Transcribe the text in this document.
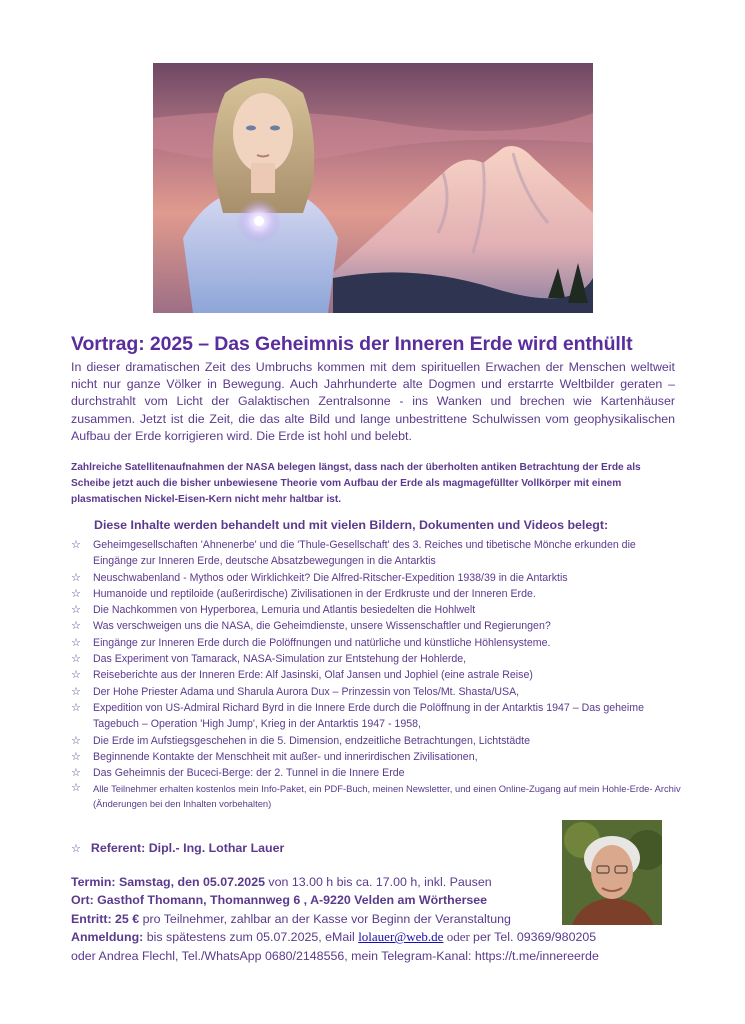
Vortrag: 2025 – Das Geheimnis der Inneren Erde wird enthüllt
In dieser dramatischen Zeit des Umbruchs kommen mit dem spirituellen Erwachen der Menschen weltweit nicht nur ganze Völker in Bewegung. Auch Jahrhunderte alte Dogmen und erstarrte Weltbilder geraten – durchstrahlt vom Licht der Galaktischen Zentralsonne - ins Wanken und brechen wie Kartenhäuser zusammen. Jetzt ist die Zeit, die das alte Bild und lange unbestrittene Schulwissen vom geophysikalischen Aufbau der Erde korrigieren wird. Die Erde ist hohl und belebt.
Zahlreiche Satellitenaufnahmen der NASA belegen längst, dass nach der überholten antiken Betrachtung der Erde als Scheibe jetzt auch die bisher unbewiesene Theorie vom Aufbau der Erde als magmagefüllter Vollkörper mit einem plasmatischen Nickel-Eisen-Kern nicht mehr haltbar ist.
Diese Inhalte werden behandelt und mit vielen Bildern, Dokumenten und Videos belegt:
☆ Geheimgesellschaften 'Ahnenerbe' und die 'Thule-Gesellschaft' des 3. Reiches und tibetische Mönche erkunden die Eingänge zur Inneren Erde, deutsche Absatzbewegungen in die Antarktis
☆ Neuschwabenland - Mythos oder Wirklichkeit? Die Alfred-Ritscher-Expedition 1938/39 in die Antarktis
☆ Humanoide und reptiloide (außerirdische) Zivilisationen in der Erdkruste und der Inneren Erde.
☆ Die Nachkommen von Hyperborea, Lemuria und Atlantis besiedelten die Hohlwelt
☆ Was verschweigen uns die NASA, die Geheimdienste, unsere Wissenschaftler und Regierungen?
☆ Eingänge zur Inneren Erde durch die Polöffnungen und natürliche und künstliche Höhlensysteme.
☆ Das Experiment von Tamarack, NASA-Simulation zur Entstehung der Hohlerde,
☆ Reiseberichte aus der Inneren Erde: Alf Jasinski, Olaf Jansen und Jophiel (eine astrale Reise)
☆ Der Hohe Priester Adama und Sharula Aurora Dux – Prinzessin von Telos/Mt. Shasta/USA,
☆ Expedition von US-Admiral Richard Byrd in die Innere Erde durch die Polöffnung in der Antarktis 1947 – Das geheime Tagebuch – Operation 'High Jump', Krieg in der Antarktis 1947 - 1958,
☆ Die Erde im Aufstiegsgeschehen in die 5. Dimension, endzeitliche Betrachtungen, Lichtstädte
☆ Beginnende Kontakte der Menschheit mit außer- und innerirdischen Zivilisationen,
☆ Das Geheimnis der Buceci-Berge: der 2. Tunnel in die Innere Erde
☆ Alle Teilnehmer erhalten kostenlos mein Info-Paket, ein PDF-Buch, meinen Newsletter, und einen Online-Zugang auf mein Hohle-Erde- Archiv (Änderungen bei den Inhalten vorbehalten)
☆ Referent: Dipl.- Ing. Lothar Lauer
Termin: Samstag, den 05.07.2025 von 13.00 h bis ca. 17.00 h, inkl. Pausen
Ort: Gasthof Thomann, Thomannweg 6 , A-9220 Velden am Wörthersee
Entritt: 25 € pro Teilnehmer, zahlbar an der Kasse vor Beginn der Veranstaltung
Anmeldung: bis spätestens zum 05.07.2025, eMail lolauer@web.de oder per Tel. 09369/980205
oder Andrea Flechl, Tel./WhatsApp 0680/2148556, mein Telegram-Kanal: https://t.me/innereerde
